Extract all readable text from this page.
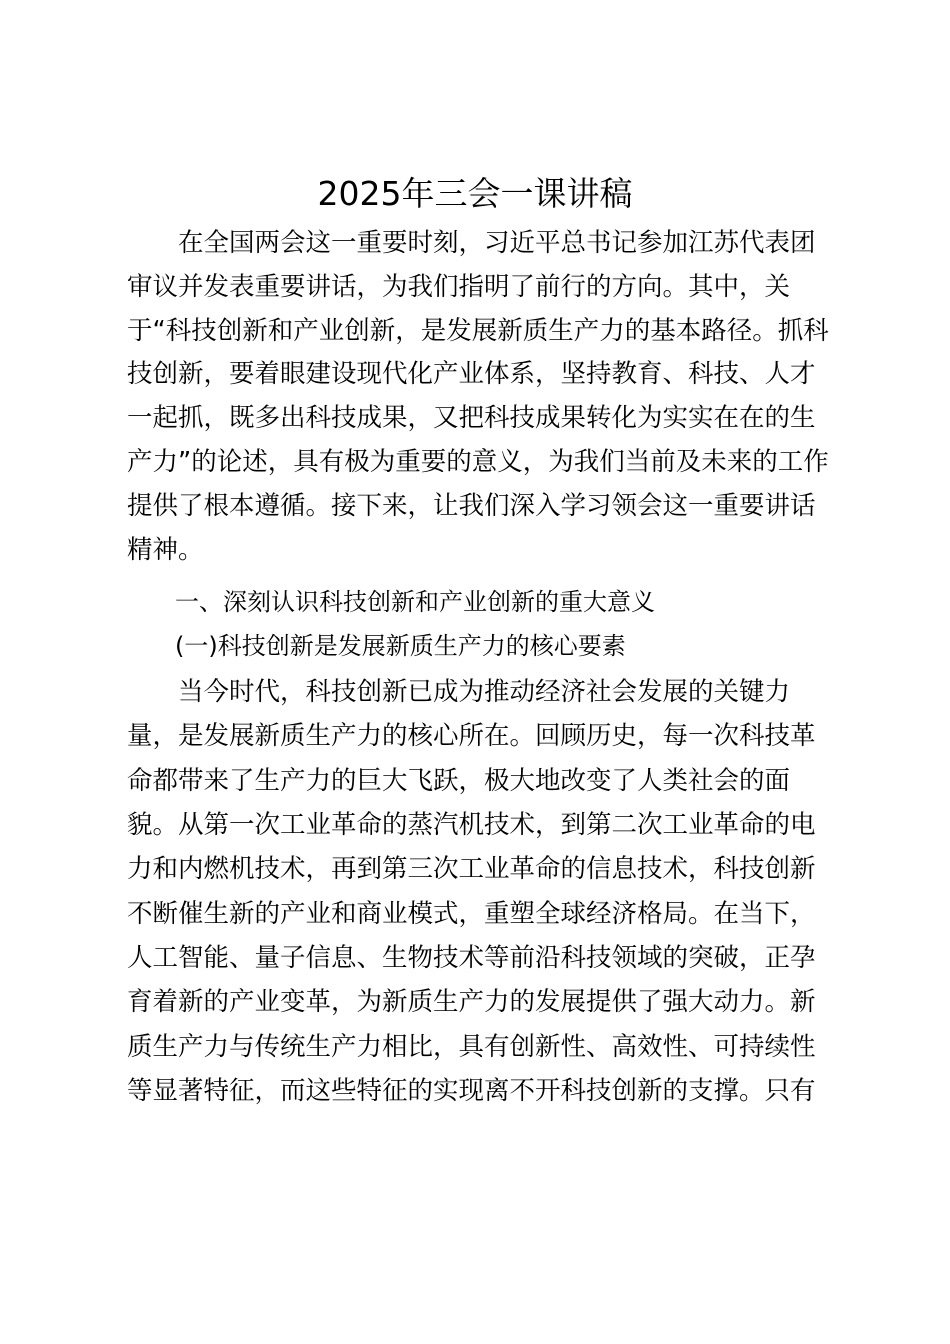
2025年三会一课讲稿
　　在全国两会这一重要时刻，习近平总书记参加江苏代表团
审议并发表重要讲话，为我们指明了前行的方向。其中，关
于“科技创新和产业创新，是发展新质生产力的基本路径。抓科
技创新，要着眼建设现代化产业体系，坚持教育、科技、人才
一起抓，既多出科技成果，又把科技成果转化为实实在在的生
产力”的论述，具有极为重要的意义，为我们当前及未来的工作
提供了根本遵循。接下来，让我们深入学习领会这一重要讲话
精神。
　　一、深刻认识科技创新和产业创新的重大意义
　　(一)科技创新是发展新质生产力的核心要素
　　当今时代，科技创新已成为推动经济社会发展的关键力
量，是发展新质生产力的核心所在。回顾历史，每一次科技革
命都带来了生产力的巨大飞跃，极大地改变了人类社会的面
貌。从第一次工业革命的蒸汽机技术，到第二次工业革命的电
力和内燃机技术，再到第三次工业革命的信息技术，科技创新
不断催生新的产业和商业模式，重塑全球经济格局。在当下，
人工智能、量子信息、生物技术等前沿科技领域的突破，正孕
育着新的产业变革，为新质生产力的发展提供了强大动力。新
质生产力与传统生产力相比，具有创新性、高效性、可持续性
等显著特征，而这些特征的实现离不开科技创新的支撑。只有
